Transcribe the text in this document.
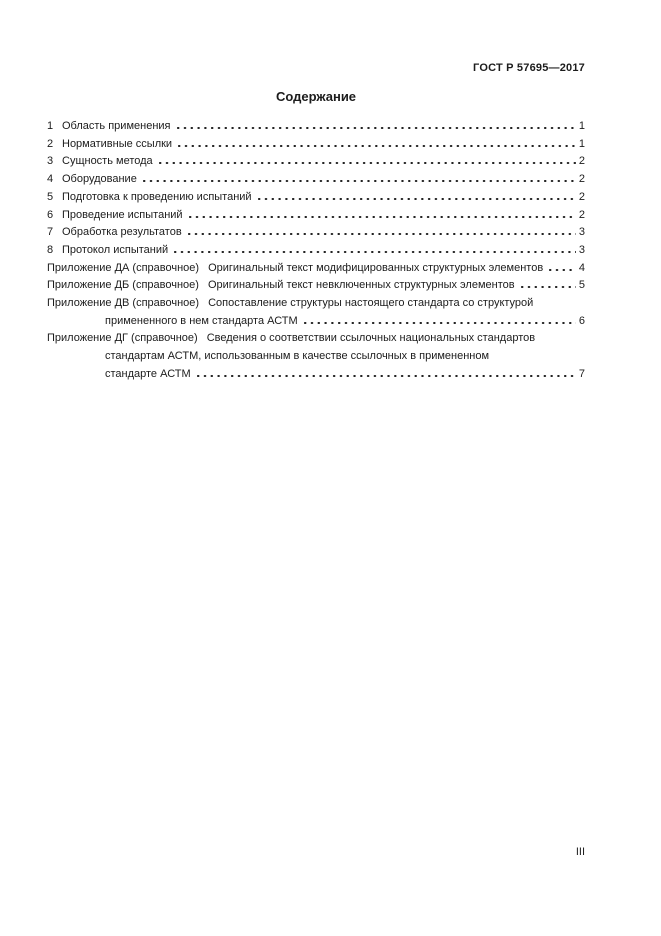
ГОСТ Р 57695—2017
Содержание
1 Область применения	1
2 Нормативные ссылки	1
3 Сущность метода	2
4 Оборудование	2
5 Подготовка к проведению испытаний	2
6 Проведение испытаний	2
7 Обработка результатов	3
8 Протокол испытаний	3
Приложение ДА (справочное) Оригинальный текст модифицированных структурных элементов	4
Приложение ДБ (справочное) Оригинальный текст невключенных структурных элементов	5
Приложение ДВ (справочное) Сопоставление структуры настоящего стандарта со структурой
примененного в нем стандарта АСТМ	6
Приложение ДГ (справочное) Сведения о соответствии ссылочных национальных стандартов
стандартам АСТМ, использованным в качестве ссылочных в примененном
стандарте АСТМ	7
III
